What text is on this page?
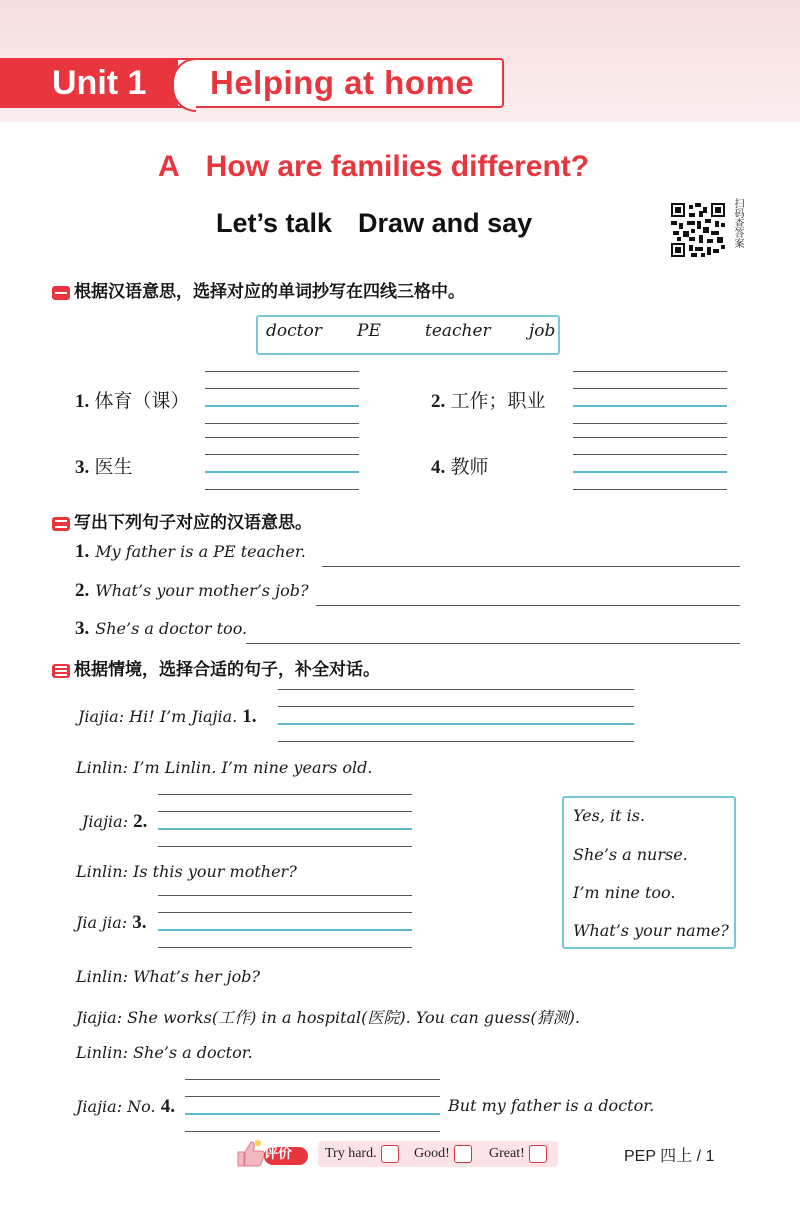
Unit 1	Helping at home
A How are families different?
Let’s talk Draw and say	扫码查答案
根据汉语意思，选择对应的单词抄写在四线三格中。
doctor PE	teacher job
1. 体育（课）	2. 工作；职业
3. 医生	4. 教师
写出下列句子对应的汉语意思。
1. My father is a PE teacher.
2. What’s your mother’s job?
3. She’s a doctor too.
根据情境，选择合适的句子，补全对话。
Jiajia: Hi! I’m Jiajia. 1.
Linlin: I’m Linlin. I’m nine years old.
Jiajia: 2.
Linlin: Is this your mother?
Jia jia: 3.
Yes, it is.
She’s a nurse.
I’m nine too.
What’s your name?
Linlin: What’s her job?
Jiajia: She works(工作) in a hospital(医院). You can guess(猜测).
Linlin: She’s a doctor.
Jiajia: No. 4.	But my father is a doctor.
评价	Try hard.	Good!	Great!	PEP 四上 / 1
